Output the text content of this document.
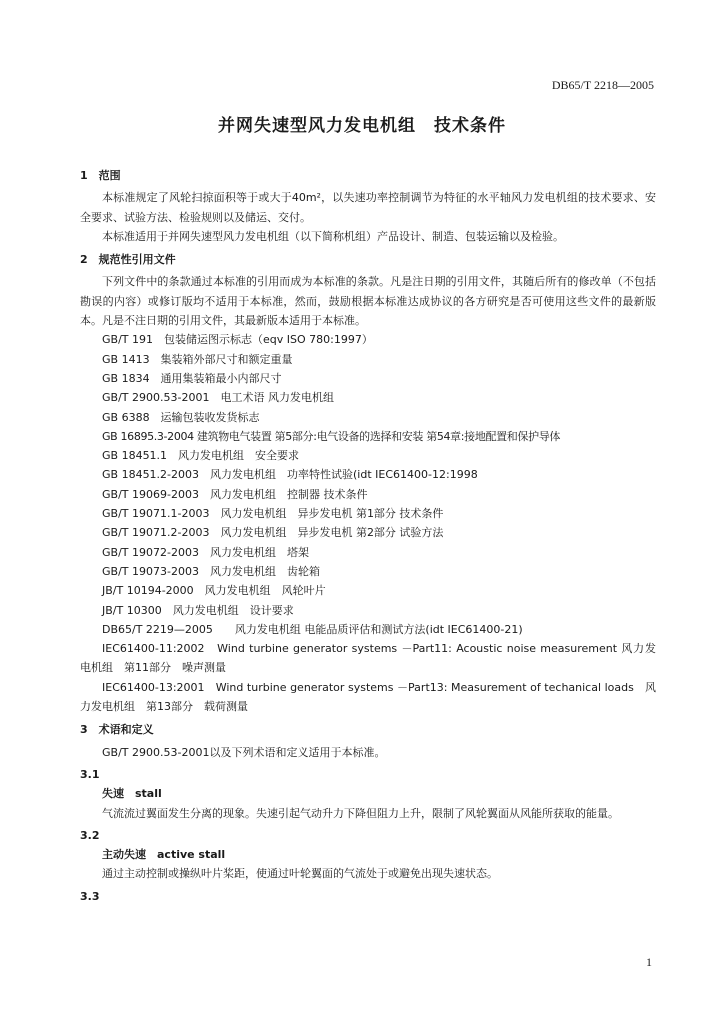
DB65/T 2218—2005
并网失速型风力发电机组　技术条件

1　范围

本标准规定了风轮扫掠面积等于或大于40m²，以失速功率控制调节为特征的水平轴风力发电机组的技术要求、安全要求、试验方法、检验规则以及储运、交付。

本标准适用于并网失速型风力发电机组（以下简称机组）产品设计、制造、包装运输以及检验。

2　规范性引用文件

下列文件中的条款通过本标准的引用而成为本标准的条款。凡是注日期的引用文件，其随后所有的修改单（不包括勘误的内容）或修订版均不适用于本标准，然而，鼓励根据本标准达成协议的各方研究是否可使用这些文件的最新版本。凡是不注日期的引用文件，其最新版本适用于本标准。

GB/T 191　包装储运图示标志（eqv ISO 780:1997）

GB 1413　集装箱外部尺寸和额定重量

GB 1834　通用集装箱最小内部尺寸

GB/T 2900.53-2001　电工术语 风力发电机组

GB 6388　运输包装收发货标志

GB 16895.3-2004 建筑物电气装置 第5部分:电气设备的选择和安装 第54章:接地配置和保护导体

GB 18451.1　风力发电机组　安全要求

GB 18451.2-2003　风力发电机组　功率特性试验(idt IEC61400-12:1998

GB/T 19069-2003　风力发电机组　控制器 技术条件

GB/T 19071.1-2003　风力发电机组　异步发电机 第1部分 技术条件

GB/T 19071.2-2003　风力发电机组　异步发电机 第2部分 试验方法

GB/T 19072-2003　风力发电机组　塔架

GB/T 19073-2003　风力发电机组　齿轮箱

JB/T 10194-2000　风力发电机组　风轮叶片

JB/T 10300　风力发电机组　设计要求

DB65/T 2219—2005　　风力发电机组 电能品质评估和测试方法(idt IEC61400-21)

IEC61400-11:2002　Wind turbine generator systems －Part11: Acoustic noise measurement 风力发电机组　第11部分　噪声测量

IEC61400-13:2001　Wind turbine generator systems －Part13: Measurement of techanical loads　风力发电机组　第13部分　载荷测量

3　术语和定义

GB/T 2900.53-2001以及下列术语和定义适用于本标准。

3.1

失速　stall

气流流过翼面发生分离的现象。失速引起气动升力下降但阻力上升，限制了风轮翼面从风能所获取的能量。

3.2

主动失速　active stall

通过主动控制或操纵叶片桨距，使通过叶轮翼面的气流处于或避免出现失速状态。

3.3

1
